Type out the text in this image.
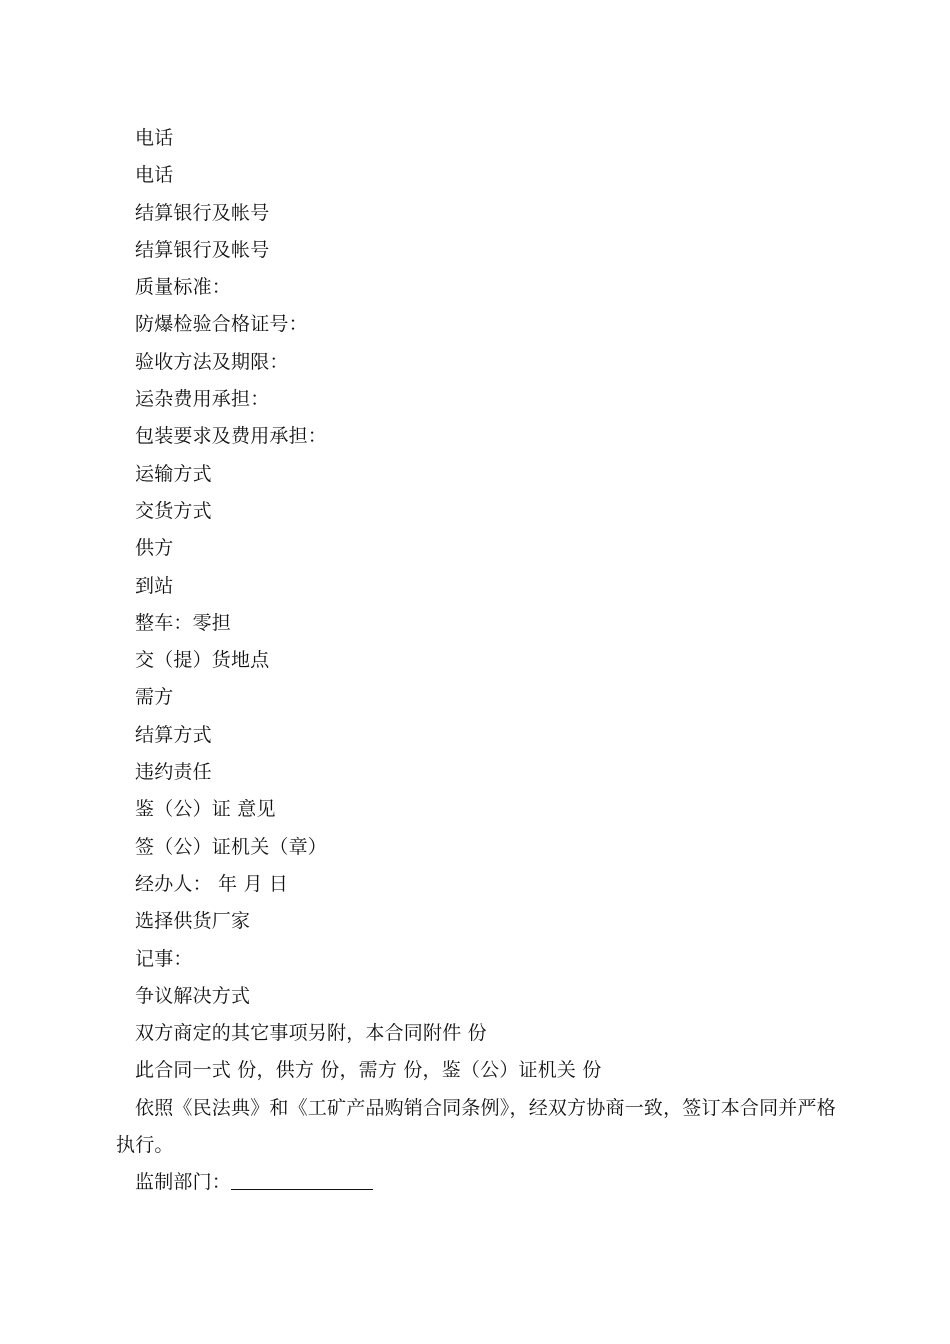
电话
电话
结算银行及帐号
结算银行及帐号
质量标准：
防爆检验合格证号：
验收方法及期限：
运杂费用承担：
包装要求及费用承担：
运输方式
交货方式
供方
到站
整车：零担
交（提）货地点
需方
结算方式
违约责任
鉴（公）证 意见
签（公）证机关（章）
经办人： 年 月 日
选择供货厂家
记事：
争议解决方式
双方商定的其它事项另附，本合同附件 份
此合同一式 份，供方 份，需方 份，鉴（公）证机关 份
依照《民法典》和《工矿产品购销合同条例》，经双方协商一致，签订本合同并严格执行。
监制部门：
